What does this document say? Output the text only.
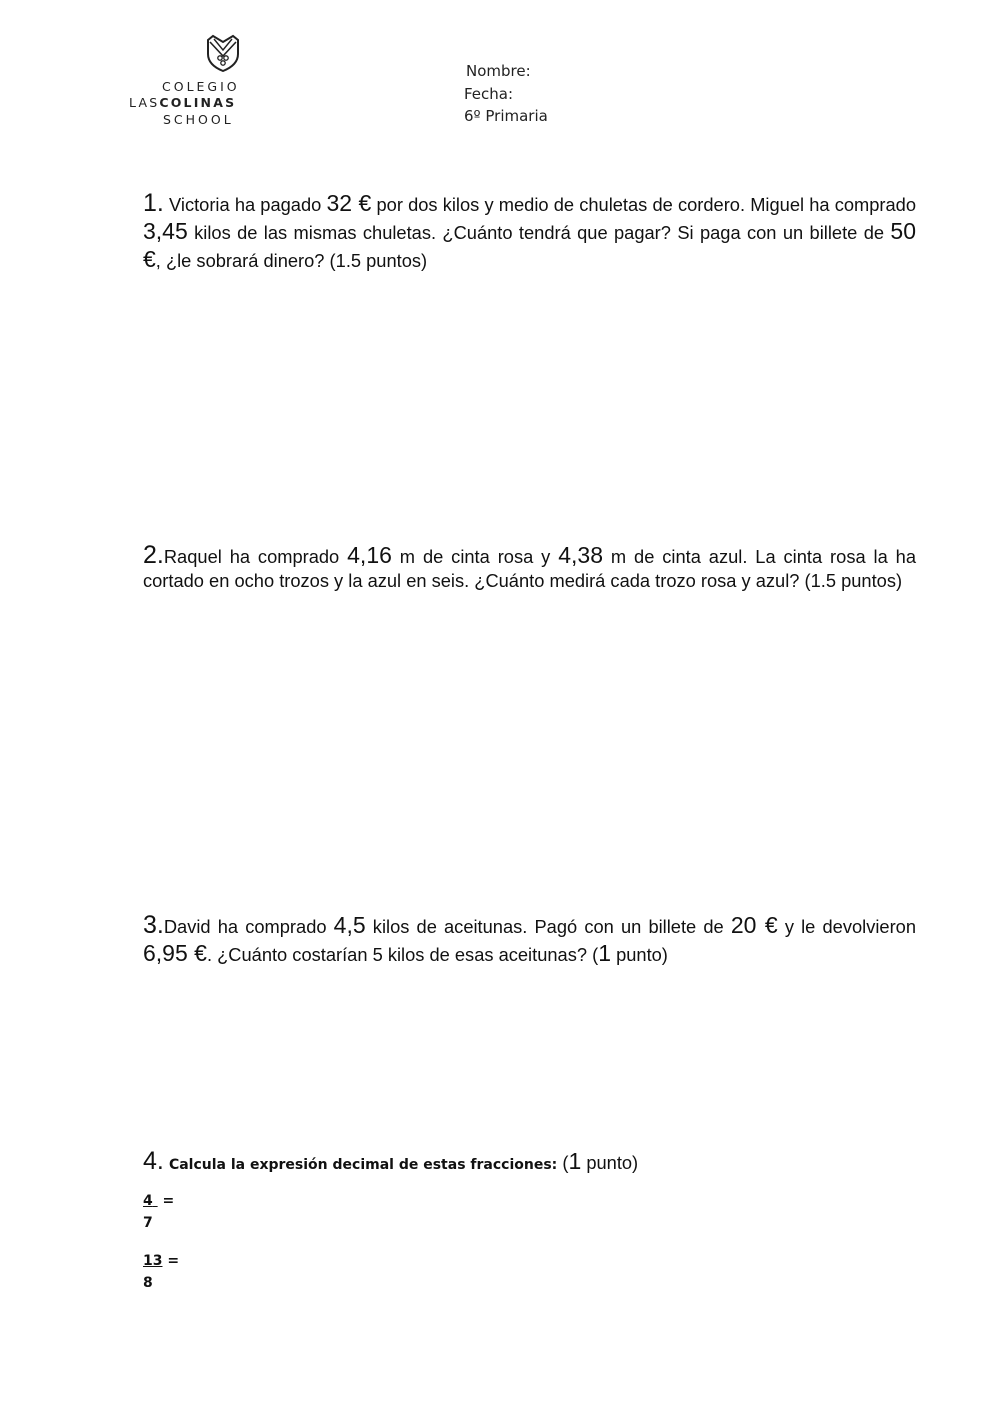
COLEGIO
LASCOLINAS
SCHOOL
Nombre:
Fecha:
6º Primaria
1. Victoria ha pagado 32 € por dos kilos y medio de chuletas de cordero. Miguel ha comprado 3,45 kilos de las mismas chuletas. ¿Cuánto tendrá que pagar? Si paga con un billete de 50 €, ¿le sobrará dinero? (1.5 puntos)
2.Raquel ha comprado 4,16 m de cinta rosa y 4,38 m de cinta azul. La cinta rosa la ha cortado en ocho trozos y la azul en seis. ¿Cuánto medirá cada trozo rosa y azul? (1.5 puntos)
3.David ha comprado 4,5 kilos de aceitunas. Pagó con un billete de 20 € y le devolvieron 6,95 €. ¿Cuánto costarían 5 kilos de esas aceitunas? (1 punto)
4. Calcula la expresión decimal de estas fracciones: (1 punto)
4 =
7
13 =
8
